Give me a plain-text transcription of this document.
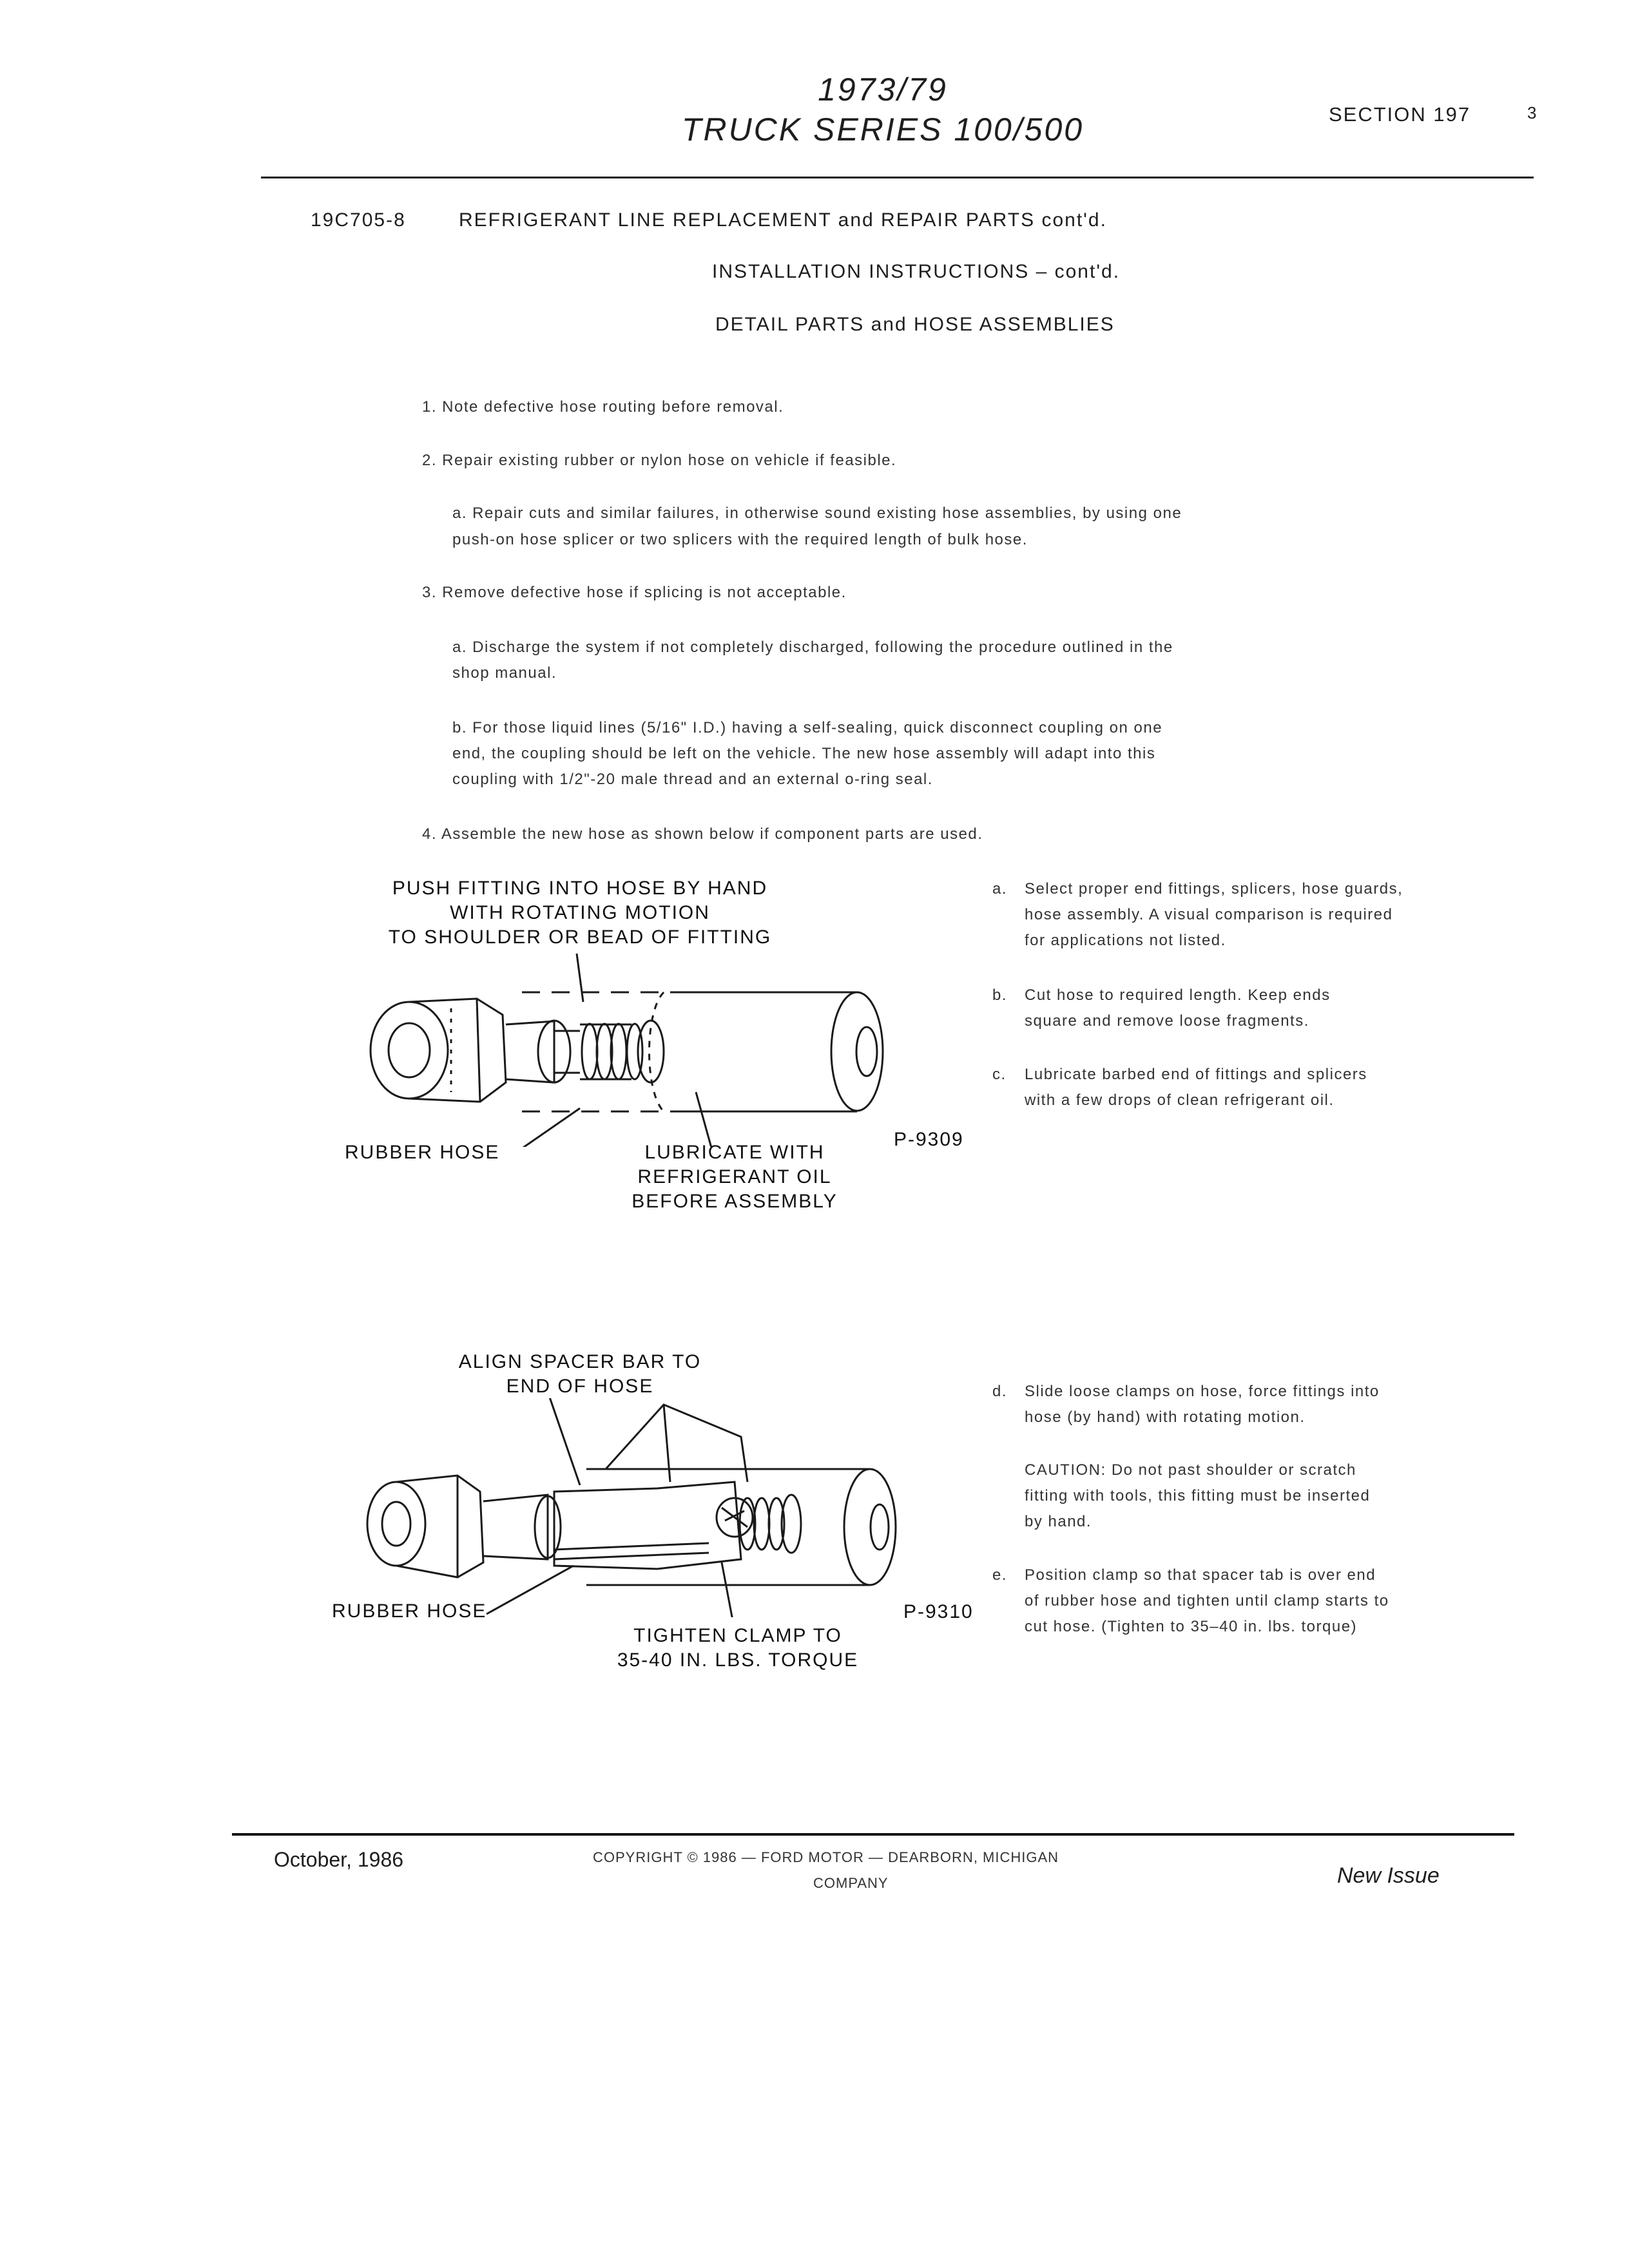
1973/79
TRUCK SERIES 100/500	SECTION 197	3
19C705-8	REFRIGERANT LINE REPLACEMENT and REPAIR PARTS cont'd.
INSTALLATION INSTRUCTIONS – cont'd.
DETAIL PARTS and HOSE ASSEMBLIES
1. Note defective hose routing before removal.
2. Repair existing rubber or nylon hose on vehicle if feasible.
a. Repair cuts and similar failures, in otherwise sound existing hose assemblies, by using one
push-on hose splicer or two splicers with the required length of bulk hose.
3. Remove defective hose if splicing is not acceptable.
a. Discharge the system if not completely discharged, following the procedure outlined in the
shop manual.
b. For those liquid lines (5/16" I.D.) having a self-sealing, quick disconnect coupling on one
end, the coupling should be left on the vehicle. The new hose assembly will adapt into this
coupling with 1/2"-20 male thread and an external o-ring seal.
4. Assemble the new hose as shown below if component parts are used.
PUSH FITTING INTO HOSE BY HAND
WITH ROTATING MOTION
TO SHOULDER OR BEAD OF FITTING
RUBBER HOSE	LUBRICATE WITH
REFRIGERANT OIL
BEFORE ASSEMBLY
P-9309
a. Select proper end fittings, splicers, hose guards,
hose assembly. A visual comparison is required
for applications not listed.
b. Cut hose to required length. Keep ends
square and remove loose fragments.
c. Lubricate barbed end of fittings and splicers
with a few drops of clean refrigerant oil.
ALIGN SPACER BAR TO
END OF HOSE
RUBBER HOSE
TIGHTEN CLAMP TO
35-40 IN. LBS. TORQUE
P-9310
d. Slide loose clamps on hose, force fittings into
hose (by hand) with rotating motion.
CAUTION: Do not past shoulder or scratch
fitting with tools, this fitting must be inserted
by hand.
e. Position clamp so that spacer tab is over end
of rubber hose and tighten until clamp starts to
cut hose. (Tighten to 35–40 in. lbs. torque)
October, 1986	COPYRIGHT © 1986 — FORD MOTOR — DEARBORN, MICHIGAN
COMPANY	New Issue
